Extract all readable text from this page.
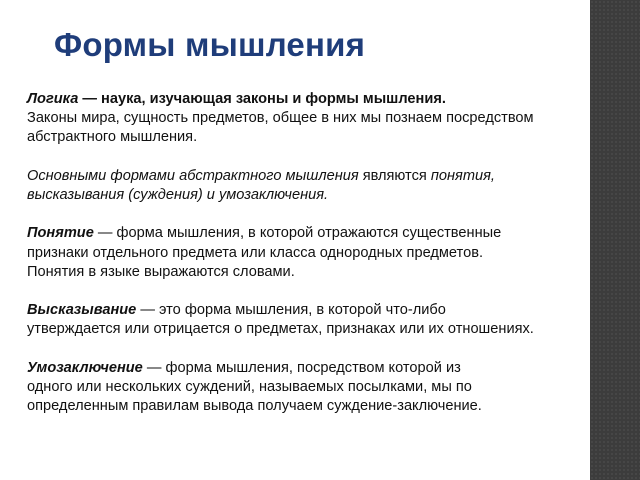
Формы мышления

Логика — наука, изучающая законы и формы мышления.
Законы мира, сущность предметов, общее в них мы познаем посредством
абстрактного мышления.

Основными формами абстрактного мышления являются понятия,
высказывания (суждения) и умозаключения.

Понятие — форма мышления, в которой отражаются существенные
признаки отдельного предмета или класса однородных предметов.
Понятия в языке выражаются словами.

Высказывание — это форма мышления, в которой что-либо
утверждается или отрицается о предметах, признаках или их отношениях.

Умозаключение — форма мышления, посредством которой из
одного или нескольких суждений, называемых посылками, мы по
определенным правилам вывода получаем суждение-заключение.
